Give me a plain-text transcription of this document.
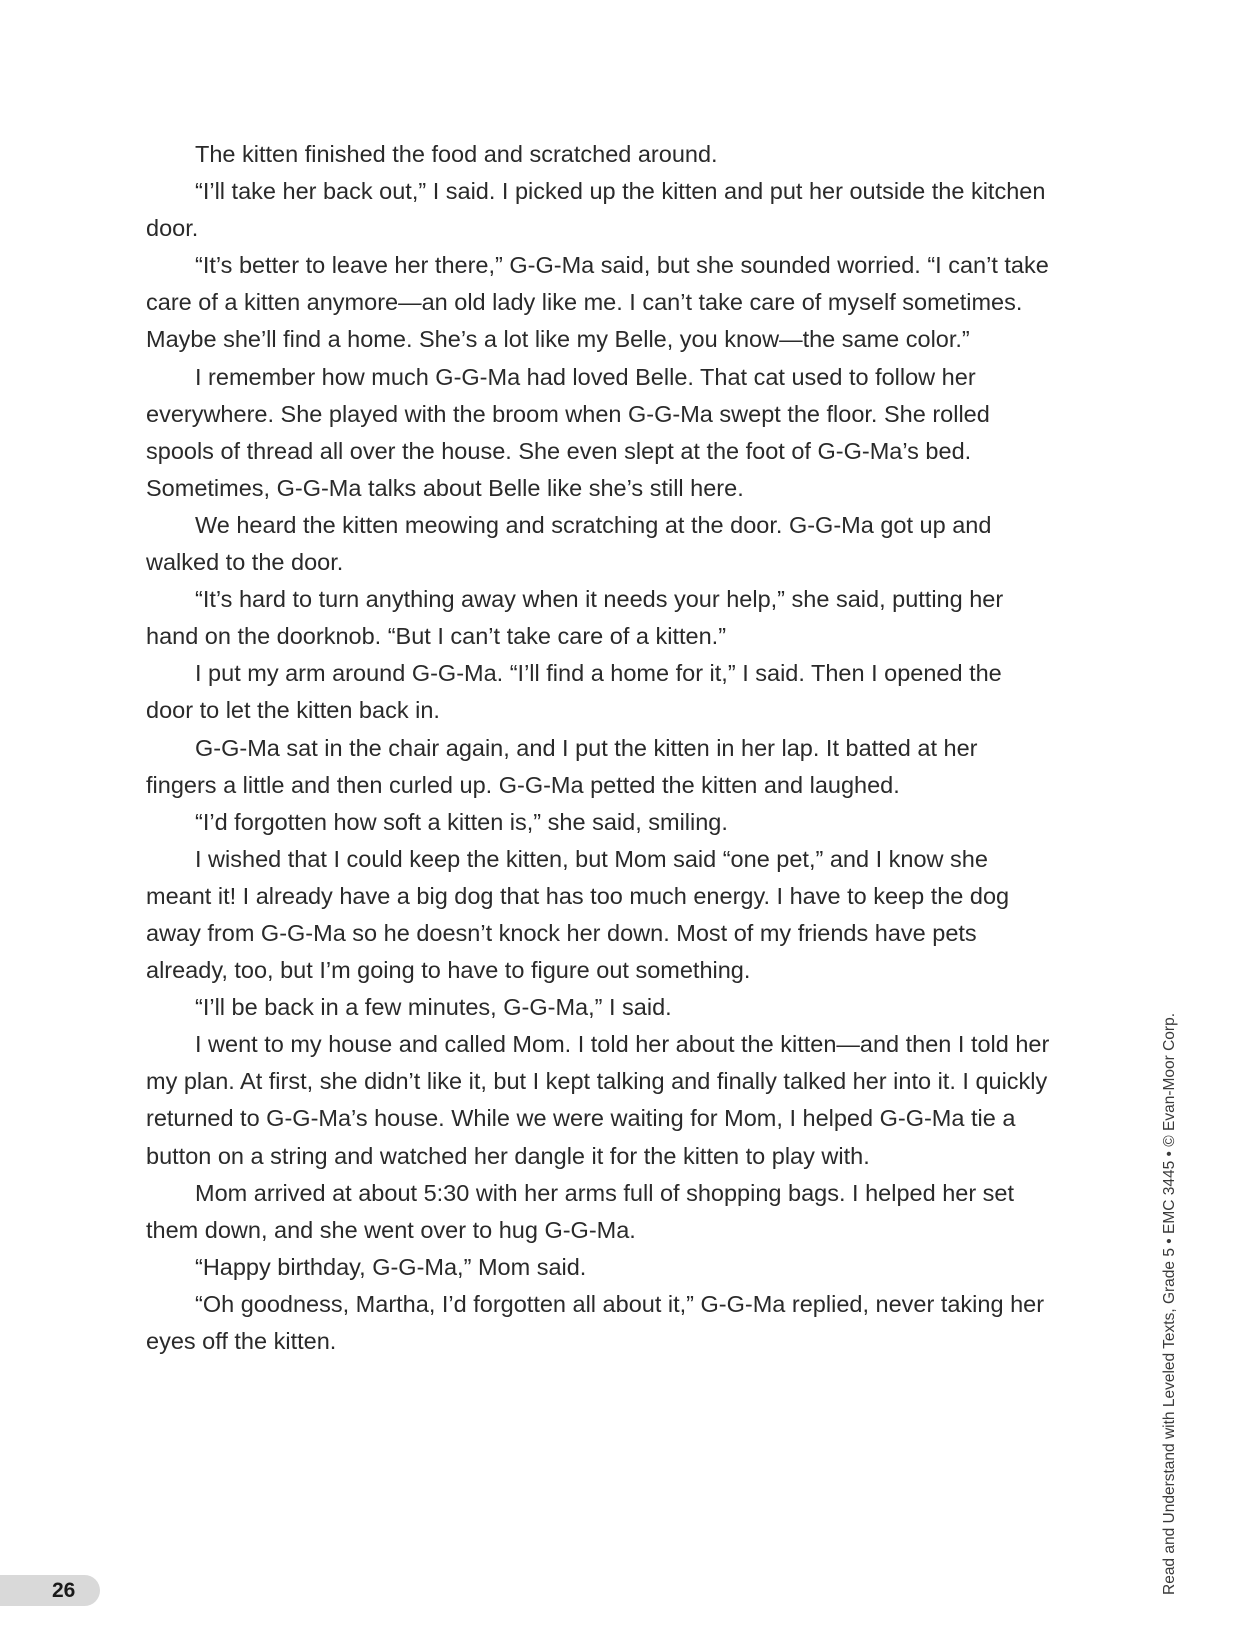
The kitten finished the food and scratched around.

“I’ll take her back out,” I said. I picked up the kitten and put her outside the kitchen door.

“It’s better to leave her there,” G-G-Ma said, but she sounded worried. “I can’t take care of a kitten anymore—an old lady like me. I can’t take care of myself sometimes. Maybe she’ll find a home. She’s a lot like my Belle, you know—the same color.”

I remember how much G-G-Ma had loved Belle. That cat used to follow her everywhere. She played with the broom when G-G-Ma swept the floor. She rolled spools of thread all over the house. She even slept at the foot of G-G-Ma’s bed. Sometimes, G-G-Ma talks about Belle like she’s still here.

We heard the kitten meowing and scratching at the door. G-G-Ma got up and walked to the door.

“It’s hard to turn anything away when it needs your help,” she said, putting her hand on the doorknob. “But I can’t take care of a kitten.”

I put my arm around G-G-Ma. “I’ll find a home for it,” I said. Then I opened the door to let the kitten back in.

G-G-Ma sat in the chair again, and I put the kitten in her lap. It batted at her fingers a little and then curled up. G-G-Ma petted the kitten and laughed.

“I’d forgotten how soft a kitten is,” she said, smiling.

I wished that I could keep the kitten, but Mom said “one pet,” and I know she meant it! I already have a big dog that has too much energy. I have to keep the dog away from G-G-Ma so he doesn’t knock her down. Most of my friends have pets already, too, but I’m going to have to figure out something.

“I’ll be back in a few minutes, G-G-Ma,” I said.

I went to my house and called Mom. I told her about the kitten—and then I told her my plan. At first, she didn’t like it, but I kept talking and finally talked her into it. I quickly returned to G-G-Ma’s house. While we were waiting for Mom, I helped G-G-Ma tie a button on a string and watched her dangle it for the kitten to play with.

Mom arrived at about 5:30 with her arms full of shopping bags. I helped her set them down, and she went over to hug G-G-Ma.

“Happy birthday, G-G-Ma,” Mom said.

“Oh goodness, Martha, I’d forgotten all about it,” G-G-Ma replied, never taking her eyes off the kitten.

26	Read and Understand with Leveled Texts, Grade 5 • EMC 3445 • © Evan-Moor Corp.
